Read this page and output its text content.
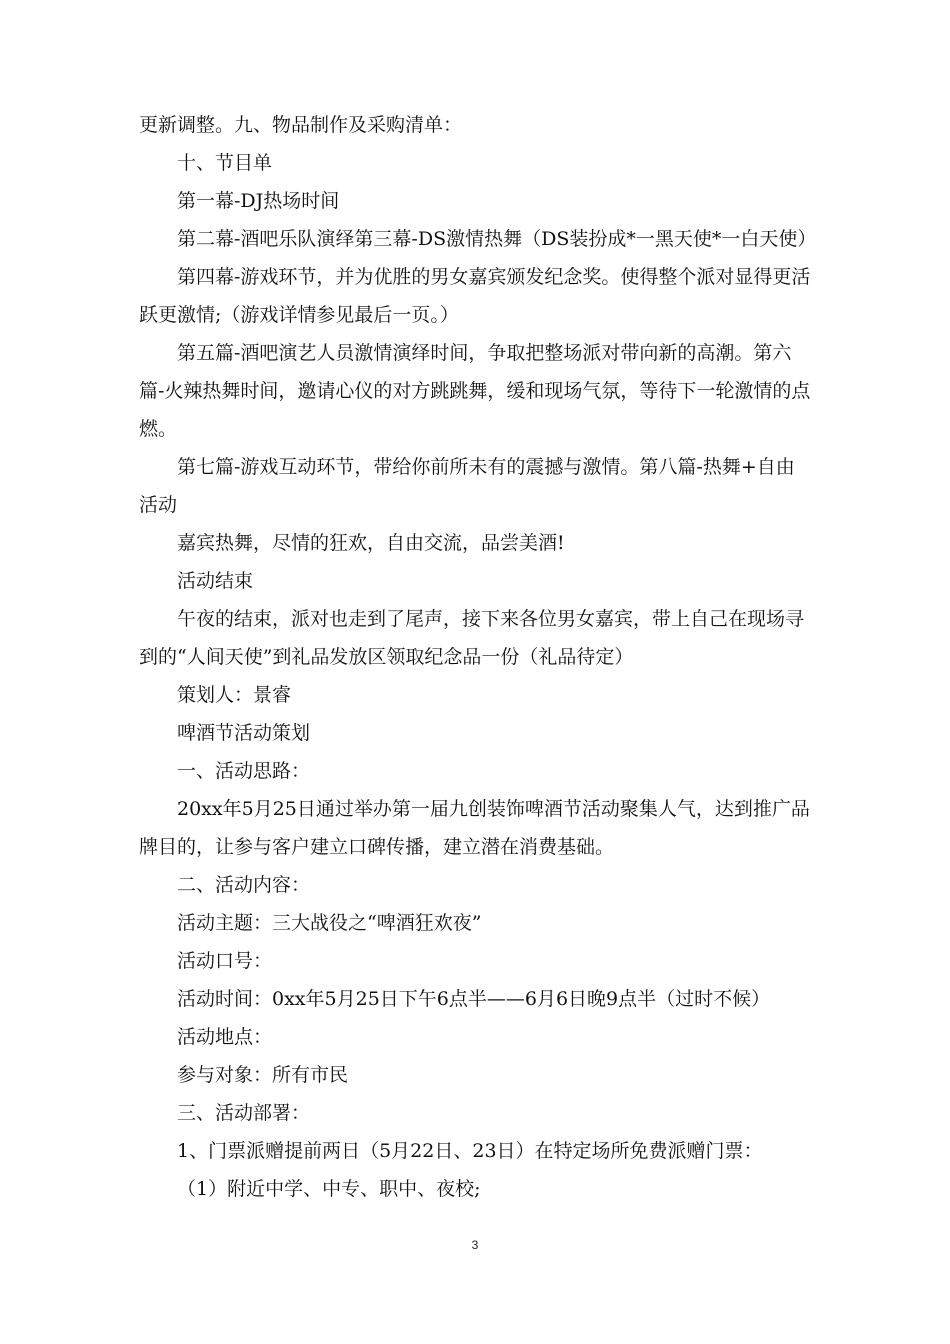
更新调整。九、物品制作及采购清单：

十、节目单

第一幕-DJ热场时间

第二幕-酒吧乐队演绎第三幕-DS激情热舞（DS装扮成*一黑天使*一白天使）

第四幕-游戏环节，并为优胜的男女嘉宾颁发纪念奖。使得整个派对显得更活跃更激情;（游戏详情参见最后一页。）

第五篇-酒吧演艺人员激情演绎时间，争取把整场派对带向新的高潮。第六篇-火辣热舞时间，邀请心仪的对方跳跳舞，缓和现场气氛，等待下一轮激情的点燃。

第七篇-游戏互动环节，带给你前所未有的震撼与激情。第八篇-热舞+自由活动

嘉宾热舞，尽情的狂欢，自由交流，品尝美酒!

活动结束

午夜的结束，派对也走到了尾声，接下来各位男女嘉宾，带上自己在现场寻到的“人间天使”到礼品发放区领取纪念品一份（礼品待定）

策划人：景睿

啤酒节活动策划

一、活动思路：

20xx年5月25日通过举办第一届九创装饰啤酒节活动聚集人气，达到推广品牌目的，让参与客户建立口碑传播，建立潜在消费基础。

二、活动内容：

活动主题：三大战役之“啤酒狂欢夜”

活动口号：

活动时间：0xx年5月25日下午6点半——6月6日晚9点半（过时不候）

活动地点：

参与对象：所有市民

三、活动部署：

1、门票派赠提前两日（5月22日、23日）在特定场所免费派赠门票：

（1）附近中学、中专、职中、夜校;

3
